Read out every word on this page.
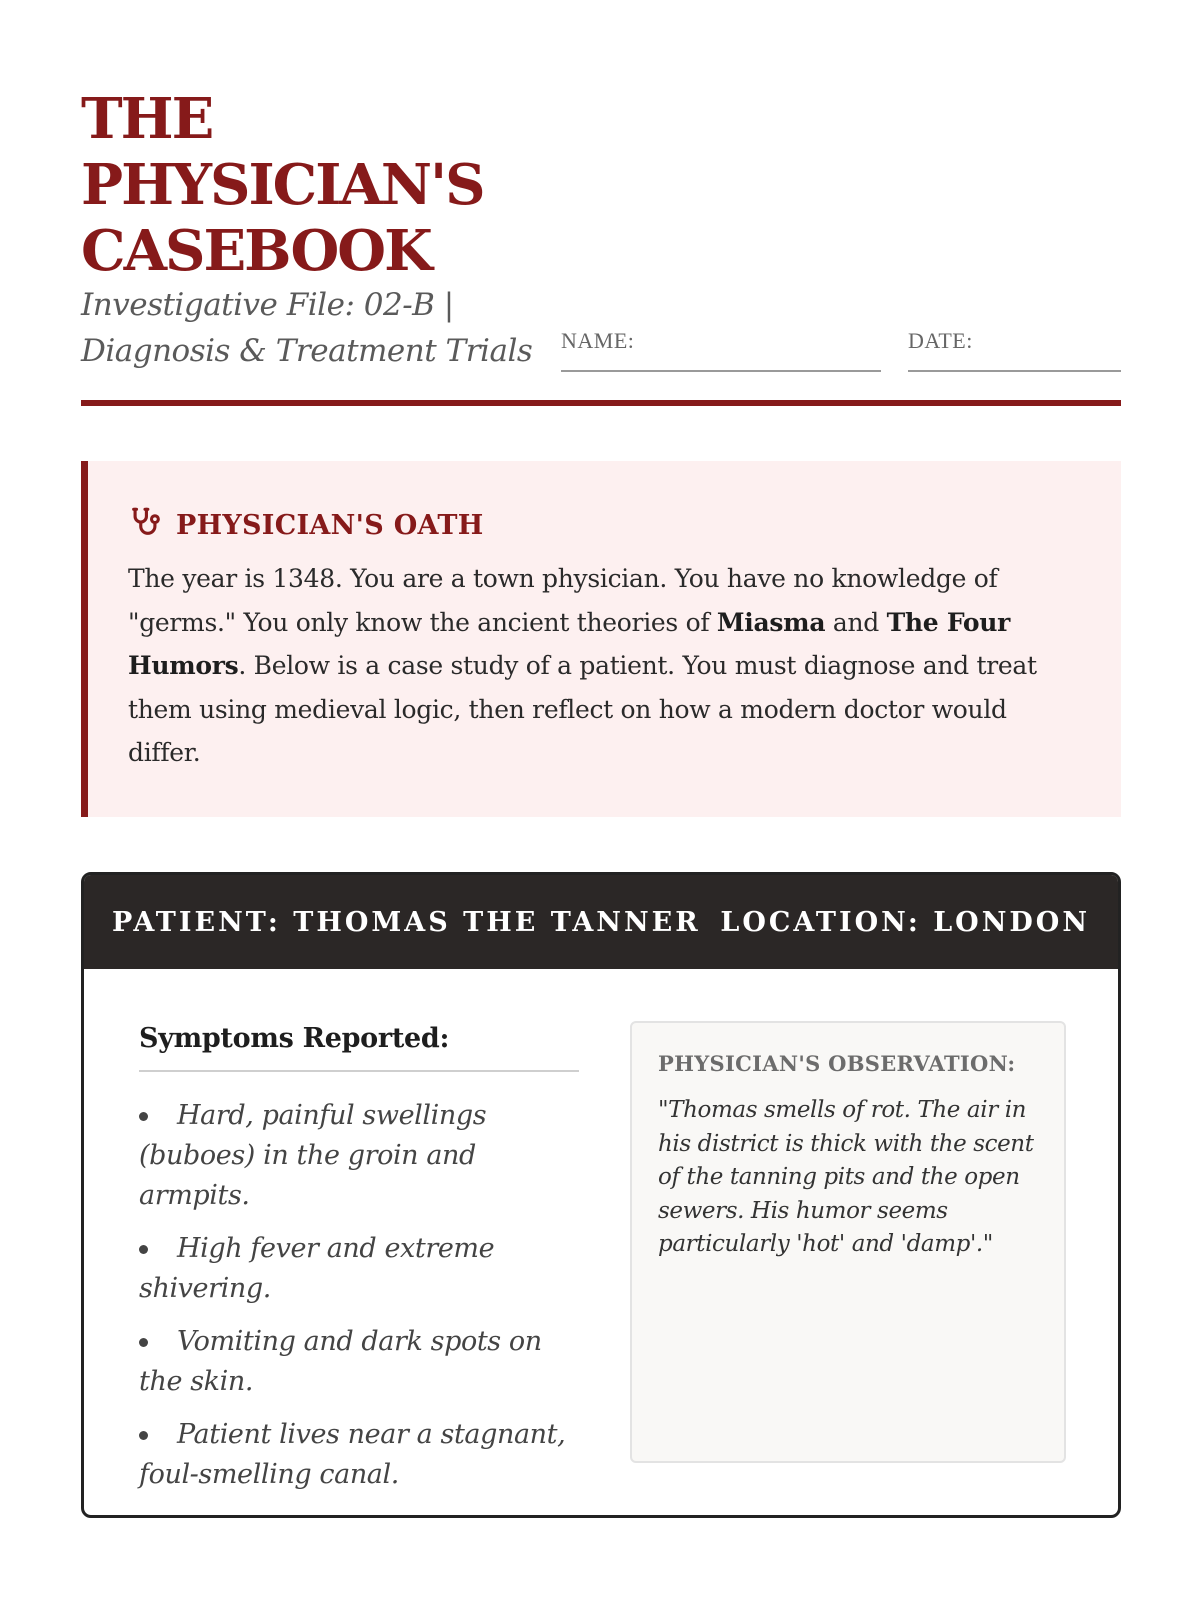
THE
PHYSICIAN'S
CASEBOOK

Investigative File: 02-B | Diagnosis & Treatment Trials	NAME:	DATE:
PHYSICIAN'S OATH

The year is 1348. You are a town physician. You have no knowledge of "germs." You only know the ancient theories of Miasma and The Four Humors. Below is a case study of a patient. You must diagnose and treat them using medieval logic, then reflect on how a modern doctor would differ.

PATIENT: THOMAS THE TANNER LOCATION: LONDON
Symptoms Reported:
Hard, painful swellings (buboes) in the groin and armpits.
High fever and extreme shivering.
Vomiting and dark spots on the skin.
Patient lives near a stagnant, foul-smelling canal.
PHYSICIAN'S OBSERVATION:

"Thomas smells of rot. The air in his district is thick with the scent of the tanning pits and the open sewers. His humor seems particularly 'hot' and 'damp'."
